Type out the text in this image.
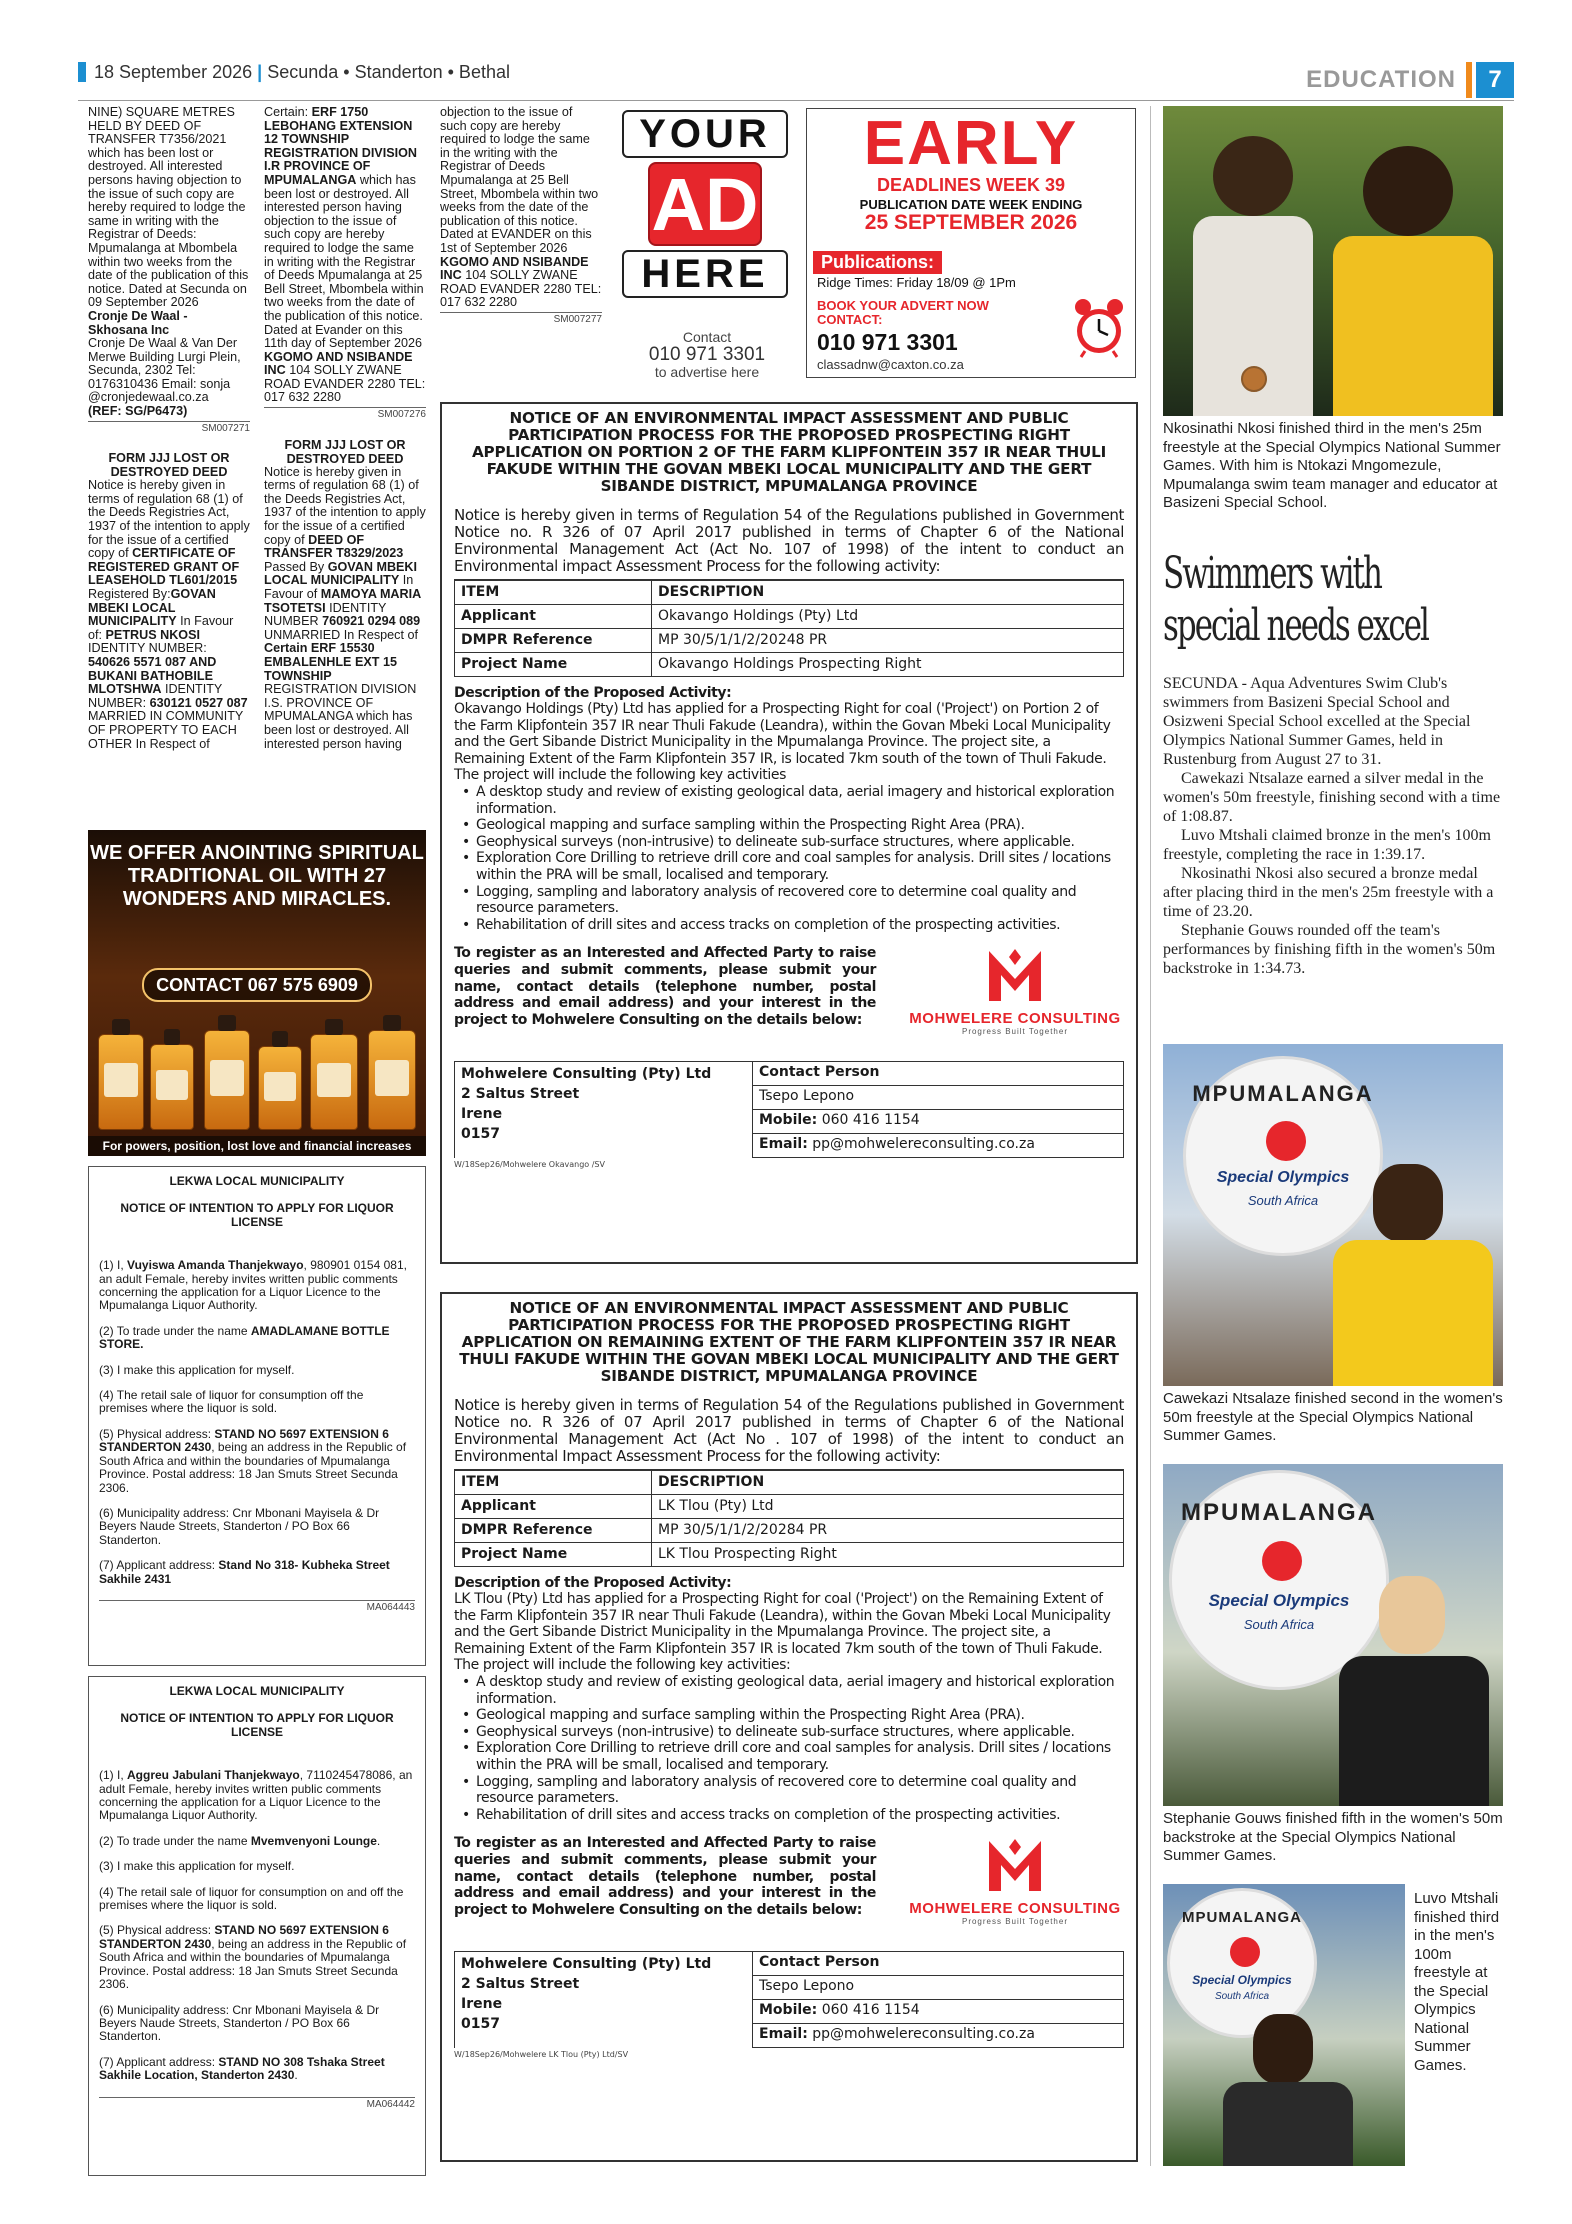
18 September 2026 | Secunda • Standerton • Bethal	EDUCATION	7
NINE) SQUARE METRES HELD BY DEED OF TRANSFER T7356/2021 which has been lost or destroyed. All interested persons having objection to the issue of such copy are hereby required to lodge the same in writing with the Registrar of Deeds: Mpumalanga at Mbombela within two weeks from the date of the publication of this notice. Dated at Secunda on 09 September 2026
Cronje De Waal - Skhosana Inc
Cronje De Waal & Van Der Merwe Building Lurgi Plein, Secunda, 2302 Tel: 0176310436 Email: sonja @cronjedewaal.co.za
(REF: SG/P6473)
SM007271
FORM JJJ LOST OR DESTROYED DEED
Notice is hereby given in terms of regulation 68 (1) of the Deeds Registries Act, 1937 of the intention to apply for the issue of a certified copy of CERTIFICATE OF REGISTERED GRANT OF LEASEHOLD TL601/2015 Registered By:GOVAN MBEKI LOCAL MUNICIPALITY In Favour of: PETRUS NKOSI IDENTITY NUMBER: 540626 5571 087 AND BUKANI BATHOBILE MLOTSHWA IDENTITY NUMBER: 630121 0527 087 MARRIED IN COMMUNITY OF PROPERTY TO EACH OTHER In Respect of
Certain: ERF 1750 LEBOHANG EXTENSION 12 TOWNSHIP REGISTRATION DIVISION I.R PROVINCE OF MPUMALANGA which has been lost or destroyed. All interested person having objection to the issue of such copy are hereby required to lodge the same in writing with the Registrar of Deeds Mpumalanga at 25 Bell Street, Mbombela within two weeks from the date of the publication of this notice. Dated at Evander on this 11th day of September 2026
KGOMO AND NSIBANDE INC 104 SOLLY ZWANE ROAD EVANDER 2280 TEL: 017 632 2280
SM007276
FORM JJJ LOST OR DESTROYED DEED
Notice is hereby given in terms of regulation 68 (1) of the Deeds Registries Act, 1937 of the intention to apply for the issue of a certified copy of DEED OF TRANSFER T8329/2023 Passed By GOVAN MBEKI LOCAL MUNICIPALITY In Favour of MAMOYA MARIA TSOTETSI IDENTITY NUMBER 760921 0294 089 UNMARRIED In Respect of Certain ERF 15530 EMBALENHLE EXT 15 TOWNSHIP REGISTRATION DIVISION I.S. PROVINCE OF MPUMALANGA which has been lost or destroyed. All interested person having
objection to the issue of such copy are hereby required to lodge the same in the writing with the Registrar of Deeds Mpumalanga at 25 Bell Street, Mbombela within two weeks from the date of the publication of this notice. Dated at EVANDER on this 1st of September 2026 KGOMO AND NSIBANDE INC 104 SOLLY ZWANE ROAD EVANDER 2280 TEL: 017 632 2280
SM007277
YOUR
AD
HERE
Contact
010 971 3301
to advertise here
EARLY
DEADLINES WEEK 39
PUBLICATION DATE WEEK ENDING
25 SEPTEMBER 2026
Publications:
Ridge Times: Friday 18/09 @ 1Pm
BOOK YOUR ADVERT NOW CONTACT:
010 971 3301
classadnw@caxton.co.za
WE OFFER ANOINTING SPIRITUAL TRADITIONAL OIL WITH 27 WONDERS AND MIRACLES.
CONTACT 067 575 6909
For powers, position, lost love and financial increases
LEKWA LOCAL MUNICIPALITY
NOTICE OF INTENTION TO APPLY FOR LIQUOR LICENSE

(1) I, Vuyiswa Amanda Thanjekwayo, 980901 0154 081, an adult Female, hereby invites written public comments concerning the application for a Liquor Licence to the Mpumalanga Liquor Authority.

(2) To trade under the name AMADLAMANE BOTTLE STORE.

(3) I make this application for myself.

(4) The retail sale of liquor for consumption off the premises where the liquor is sold.

(5) Physical address: STAND NO 5697 EXTENSION 6 STANDERTON 2430, being an address in the Republic of South Africa and within the boundaries of Mpumalanga Province. Postal address: 18 Jan Smuts Street Secunda 2306.

(6) Municipality address: Cnr Mbonani Mayisela & Dr Beyers Naude Streets, Standerton / PO Box 66 Standerton.

(7) Applicant address: Stand No 318- Kubheka Street Sakhile 2431

MA064443
LEKWA LOCAL MUNICIPALITY
NOTICE OF INTENTION TO APPLY FOR LIQUOR LICENSE

(1) I, Aggreu Jabulani Thanjekwayo, 7110245478086, an adult Female, hereby invites written public comments concerning the application for a Liquor Licence to the Mpumalanga Liquor Authority.

(2) To trade under the name Mvemvenyoni Lounge.

(3) I make this application for myself.

(4) The retail sale of liquor for consumption on and off the premises where the liquor is sold.

(5) Physical address: STAND NO 5697 EXTENSION 6 STANDERTON 2430, being an address in the Republic of South Africa and within the boundaries of Mpumalanga Province. Postal address: 18 Jan Smuts Street Secunda 2306.

(6) Municipality address: Cnr Mbonani Mayisela & Dr Beyers Naude Streets, Standerton / PO Box 66 Standerton.

(7) Applicant address: STAND NO 308 Tshaka Street Sakhile Location, Standerton 2430.

MA064442
NOTICE OF AN ENVIRONMENTAL IMPACT ASSESSMENT AND PUBLIC PARTICIPATION PROCESS FOR THE PROPOSED PROSPECTING RIGHT APPLICATION ON PORTION 2 OF THE FARM KLIPFONTEIN 357 IR NEAR THULI FAKUDE WITHIN THE GOVAN MBEKI LOCAL MUNICIPALITY AND THE GERT SIBANDE DISTRICT, MPUMALANGA PROVINCE
Notice is hereby given in terms of Regulation 54 of the Regulations published in Government Notice no. R 326 of 07 April 2017 published in terms of Chapter 6 of the National Environmental Management Act (Act No. 107 of 1998) of the intent to conduct an Environmental impact Assessment Process for the following activity:
ITEM	DESCRIPTION
Applicant	Okavango Holdings (Pty) Ltd
DMPR Reference	MP 30/5/1/1/2/20248 PR
Project Name	Okavango Holdings Prospecting Right
Description of the Proposed Activity:
Okavango Holdings (Pty) Ltd has applied for a Prospecting Right for coal ('Project') on Portion 2 of the Farm Klipfontein 357 IR near Thuli Fakude (Leandra), within the Govan Mbeki Local Municipality and the Gert Sibande District Municipality in the Mpumalanga Province. The project site, a Remaining Extent of the Farm Klipfontein 357 IR, is located 7km south of the town of Thuli Fakude. The project will include the following key activities
• A desktop study and review of existing geological data, aerial imagery and historical exploration information.
• Geological mapping and surface sampling within the Prospecting Right Area (PRA).
• Geophysical surveys (non-intrusive) to delineate sub-surface structures, where applicable.
• Exploration Core Drilling to retrieve drill core and coal samples for analysis. Drill sites / locations within the PRA will be small, localised and temporary.
• Logging, sampling and laboratory analysis of recovered core to determine coal quality and resource parameters.
• Rehabilitation of drill sites and access tracks on completion of the prospecting activities.
To register as an Interested and Affected Party to raise queries and submit comments, please submit your name, contact details (telephone number, postal address and email address) and your interest in the project to Mohwelere Consulting on the details below:	MOHWELERE CONSULTING
Progress Built Together
Mohwelere Consulting (Pty) Ltd
2 Saltus Street
Irene
0157
	Contact Person
Tsepo Lepono
Mobile: 060 416 1154
Email: pp@mohwelereconsulting.co.za
W/18Sep26/Mohwelere Okavango /SV
NOTICE OF AN ENVIRONMENTAL IMPACT ASSESSMENT AND PUBLIC PARTICIPATION PROCESS FOR THE PROPOSED PROSPECTING RIGHT APPLICATION ON REMAINING EXTENT OF THE FARM KLIPFONTEIN 357 IR NEAR THULI FAKUDE WITHIN THE GOVAN MBEKI LOCAL MUNICIPALITY AND THE GERT SIBANDE DISTRICT, MPUMALANGA PROVINCE
Notice is hereby given in terms of Regulation 54 of the Regulations published in Government Notice no. R 326 of 07 April 2017 published in terms of Chapter 6 of the National Environmental Management Act (Act No . 107 of 1998) of the intent to conduct an Environmental Impact Assessment Process for the following activity:
ITEM	DESCRIPTION
Applicant	LK Tlou (Pty) Ltd
DMPR Reference	MP 30/5/1/1/2/20284 PR
Project Name	LK Tlou Prospecting Right
Description of the Proposed Activity:
LK Tlou (Pty) Ltd has applied for a Prospecting Right for coal ('Project') on the Remaining Extent of the Farm Klipfontein 357 IR near Thuli Fakude (Leandra), within the Govan Mbeki Local Municipality and the Gert Sibande District Municipality in the Mpumalanga Province. The project site, a Remaining Extent of the Farm Klipfontein 357 IR is located 7km south of the town of Thuli Fakude. The project will include the following key activities:
• A desktop study and review of existing geological data, aerial imagery and historical exploration information.
• Geological mapping and surface sampling within the Prospecting Right Area (PRA).
• Geophysical surveys (non-intrusive) to delineate sub-surface structures, where applicable.
• Exploration Core Drilling to retrieve drill core and coal samples for analysis. Drill sites / locations within the PRA will be small, localised and temporary.
• Logging, sampling and laboratory analysis of recovered core to determine coal quality and resource parameters.
• Rehabilitation of drill sites and access tracks on completion of the prospecting activities.
To register as an Interested and Affected Party to raise queries and submit comments, please submit your name, contact details (telephone number, postal address and email address) and your interest in the project to Mohwelere Consulting on the details below:	MOHWELERE CONSULTING
Progress Built Together
Mohwelere Consulting (Pty) Ltd
2 Saltus Street
Irene
0157
	Contact Person
Tsepo Lepono
Mobile: 060 416 1154
Email: pp@mohwelereconsulting.co.za
W/18Sep26/Mohwelere LK Tlou (Pty) Ltd/SV
Nkosinathi Nkosi finished third in the men's 25m freestyle at the Special Olympics National Summer Games. With him is Ntokazi Mngomezule, Mpumalanga swim team manager and educator at Basizeni Special School.
Swimmers with
special needs excel

SECUNDA - Aqua Adventures Swim Club's swimmers from Basizeni Special School and Osizweni Special School excelled at the Special Olympics National Summer Games, held in Rustenburg from August 27 to 31.

Cawekazi Ntsalaze earned a silver medal in the women's 50m freestyle, finishing second with a time of 1:08.87.

Luvo Mtshali claimed bronze in the men's 100m freestyle, completing the race in 1:39.17.

Nkosinathi Nkosi also secured a bronze medal after placing third in the men's 25m freestyle with a time of 23.20.

Stephanie Gouws rounded off the team's performances by finishing fifth in the women's 50m backstroke in 1:34.73.

MPUMALANGA
Special Olympics
South Africa
Cawekazi Ntsalaze finished second in the women's 50m freestyle at the Special Olympics National Summer Games.
MPUMALANGA
Special Olympics
South Africa
Stephanie Gouws finished fifth in the women's 50m backstroke at the Special Olympics National Summer Games.
MPUMALANGA
Special Olympics
South Africa
Luvo Mtshali finished third in the men's 100m freestyle at the Special Olympics National Summer Games.
